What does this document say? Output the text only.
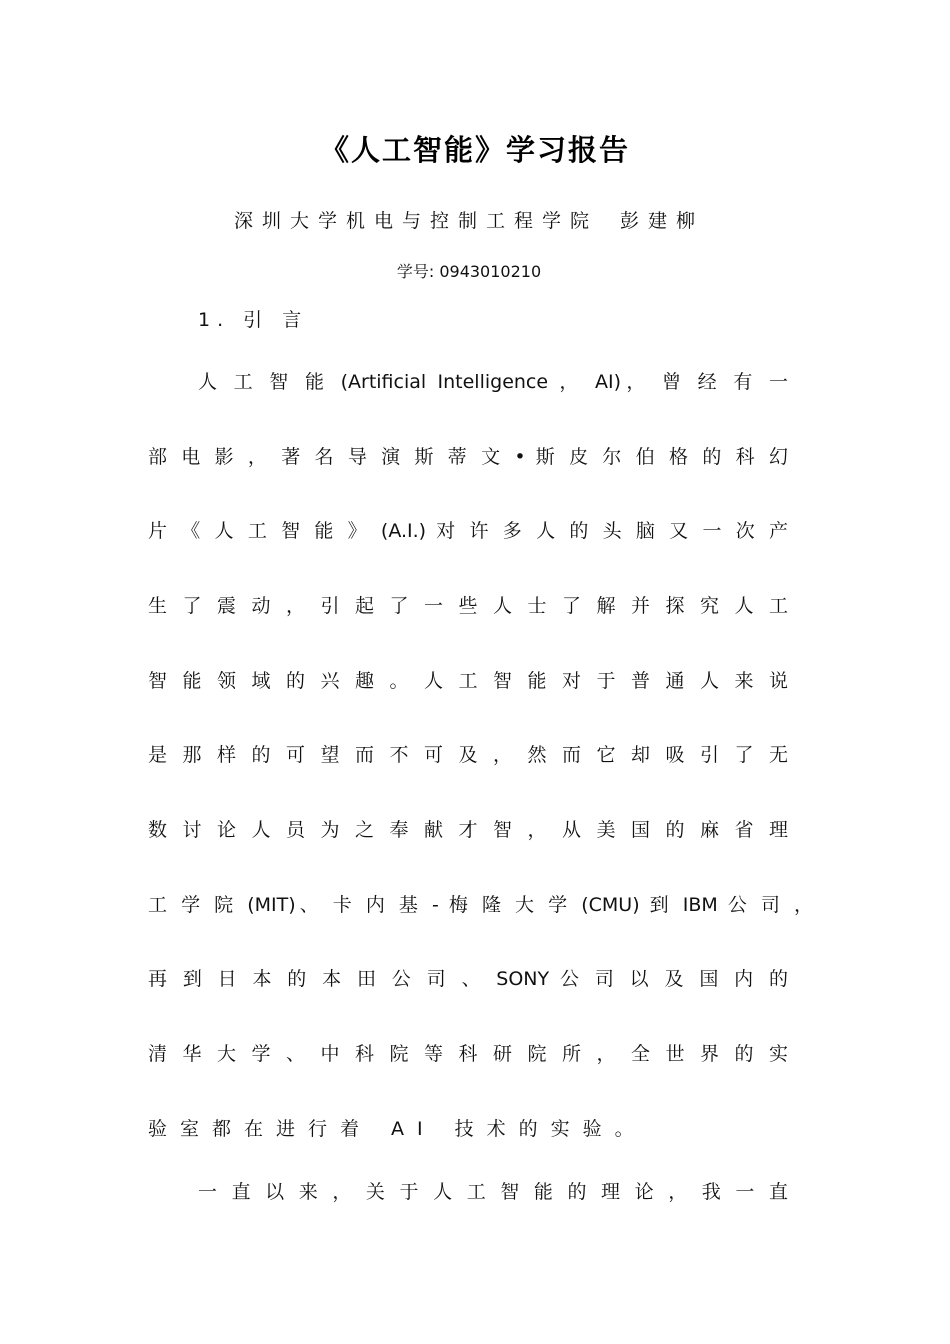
《人工智能》学习报告
深圳大学机电与控制工程学院 彭建柳
学号: 0943010210
1. 引 言
人 工 智 能 (Artificial Intelligence ， AI)， 曾 经 有 一
部 电 影 ， 著 名 导 演 斯 蒂 文 • 斯 皮 尔 伯 格 的 科 幻
片 《 人 工 智 能 》 (A.I.) 对 许 多 人 的 头 脑 又 一 次 产
生 了 震 动 ， 引 起 了 一 些 人 士 了 解 并 探 究 人 工
智 能 领 域 的 兴 趣 。 人 工 智 能 对 于 普 通 人 来 说
是 那 样 的 可 望 而 不 可 及 ， 然 而 它 却 吸 引 了 无
数 讨 论 人 员 为 之 奉 献 才 智 ， 从 美 国 的 麻 省 理
工 学 院 (MIT)、 卡 内 基 - 梅 隆 大 学 (CMU) 到 IBM 公 司 ，
再 到 日 本 的 本 田 公 司 、 SONY 公 司 以 及 国 内 的
清 华 大 学 、 中 科 院 等 科 研 院 所 ， 全 世 界 的 实
验室都在进行着 AI 技术的实验。
一 直 以 来 ， 关 于 人 工 智 能 的 理 论 ， 我 一 直
